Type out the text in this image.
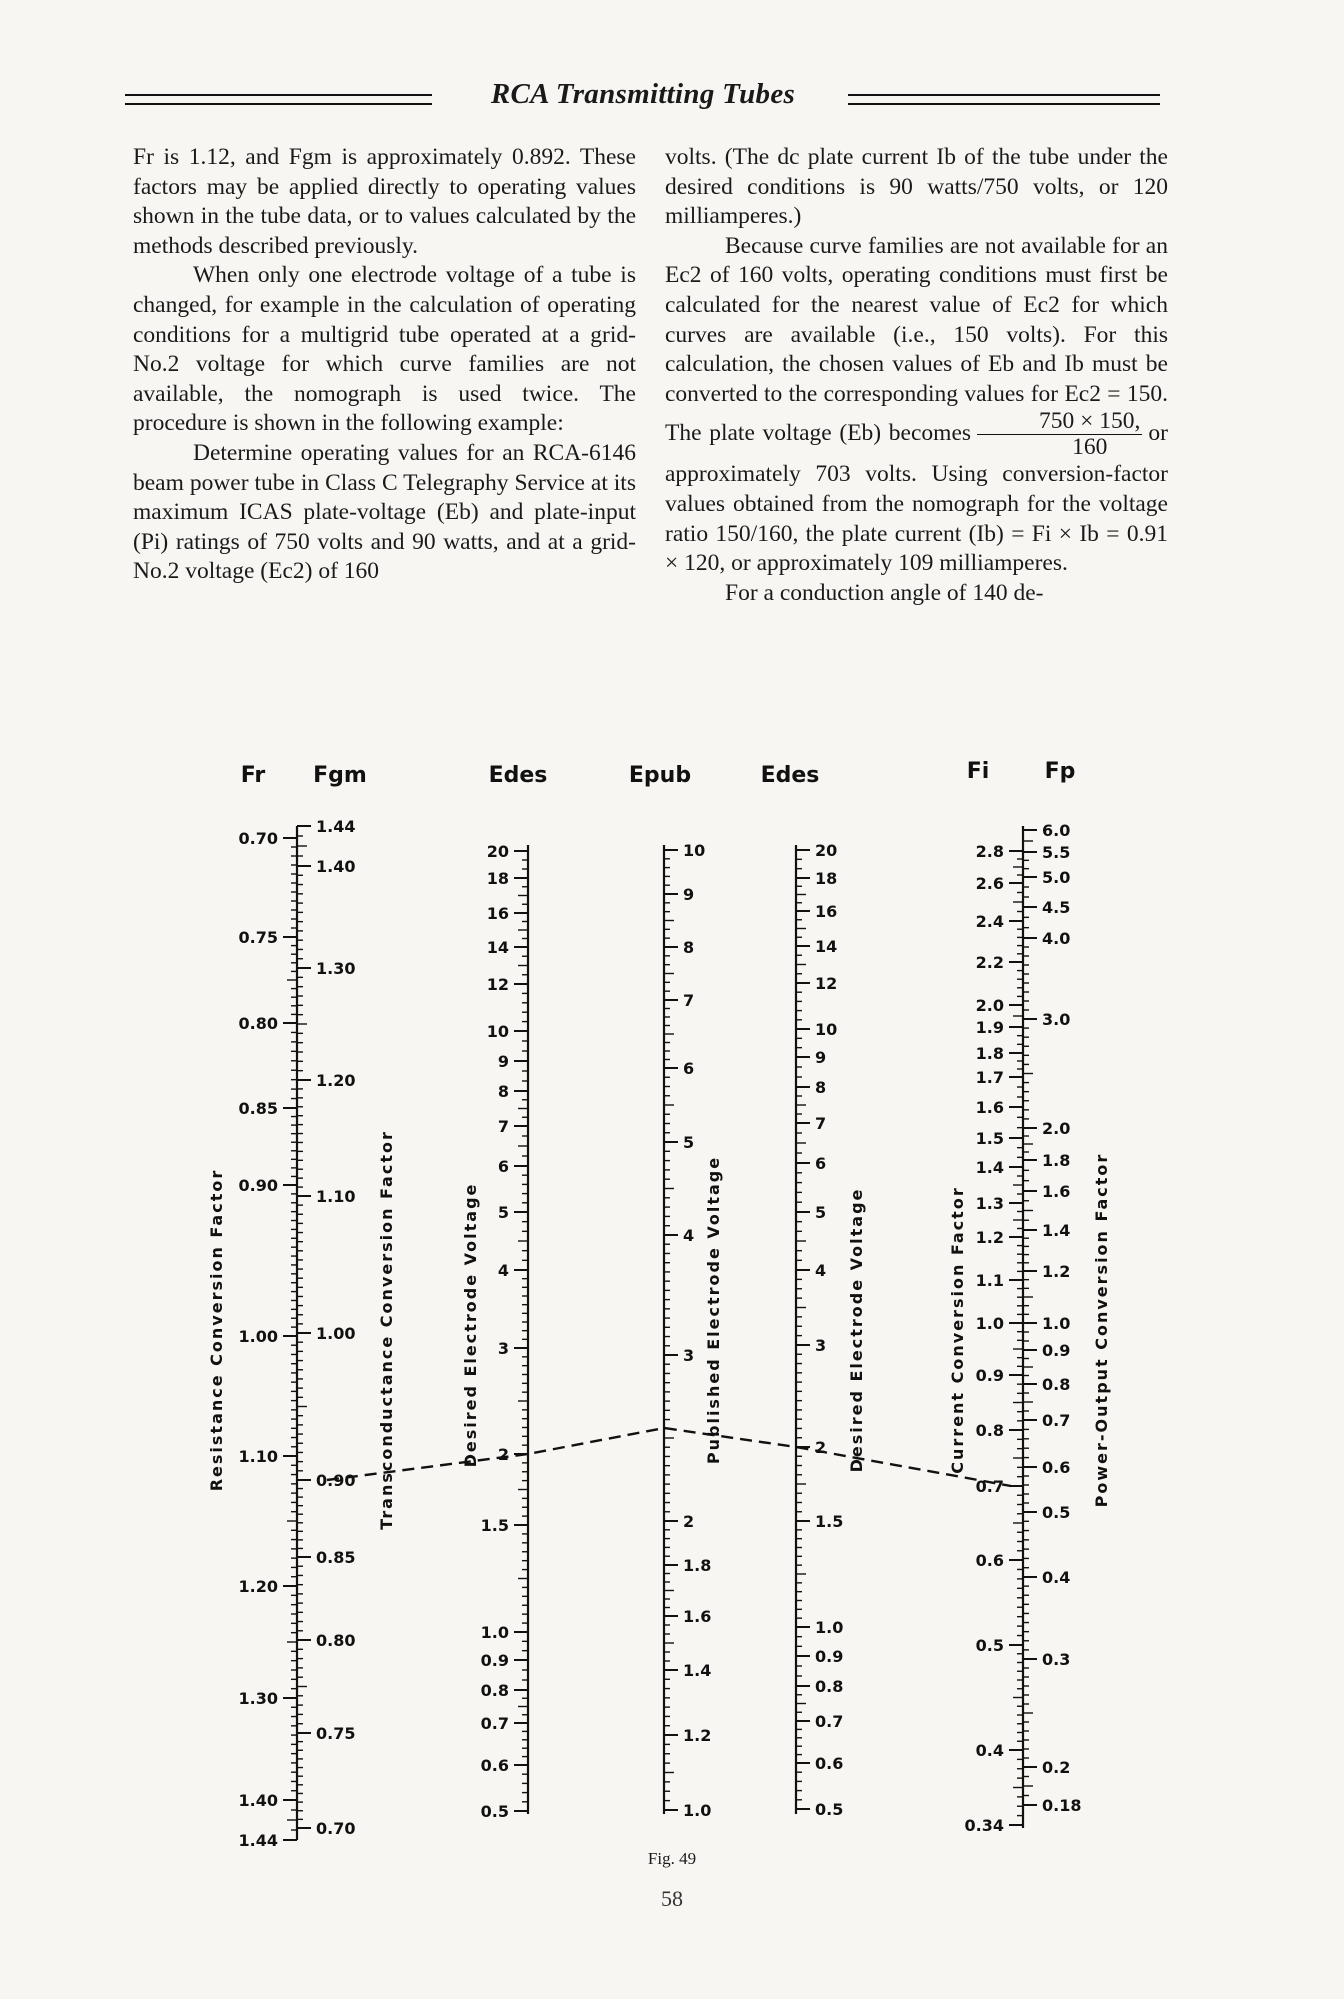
RCA Transmitting Tubes

Fr is 1.12, and Fgm is approximately 0.892. These factors may be applied directly to operating values shown in the tube data, or to values calculated by the methods described previously.

When only one electrode voltage of a tube is changed, for example in the calculation of operating conditions for a multigrid tube operated at a grid-No.2 voltage for which curve families are not available, the nomograph is used twice. The procedure is shown in the following example:

Determine operating values for an RCA-6146 beam power tube in Class C Telegraphy Service at its maximum ICAS plate-voltage (Eb) and plate-input (Pi) ratings of 750 volts and 90 watts, and at a grid-No.2 voltage (Ec2) of 160

volts. (The dc plate current Ib of the tube under the desired conditions is 90 watts/750 volts, or 120 milliamperes.)

Because curve families are not available for an Ec2 of 160 volts, operating conditions must first be calculated for the nearest value of Ec2 for which curves are available (i.e., 150 volts). For this calculation, the chosen values of Eb and Ib must be converted to the corresponding values for Ec2 = 150. The plate voltage (Eb) becomes $\frac{750 \times 150,}{160}$ or approximately 703 volts. Using conversion-factor values obtained from the nomograph for the voltage ratio 150/160, the plate current (Ib) = Fi × Ib = 0.91 × 120, or approximately 109 milliamperes.

For a conduction angle of 140 de-

0.70
0.75
0.80
0.85
0.90
1.00
1.10
1.20
1.30
1.40
1.44
1.44
1.40
1.30
1.20
1.10
1.00
0.90
0.85
0.80
0.75
0.70
20
18
16
14
12
10
9
8
7
6
5
4
3
2
1.5
1.0
0.9
0.8
0.7
0.6
0.5
10
9
8
7
6
5
4
3
2
1.8
1.6
1.4
1.2
1.0
20
18
16
14
12
10
9
8
7
6
5
4
3
2
1.5
1.0
0.9
0.8
0.7
0.6
0.5
2.8
2.6
2.4
2.2
2.0
1.9
1.8
1.7
1.6
1.5
1.4
1.3
1.2
1.1
1.0
0.9
0.8
0.7
0.6
0.5
0.4
0.34
6.0
5.5
5.0
4.5
4.0
3.0
2.0
1.8
1.6
1.4
1.2
1.0
0.9
0.8
0.7
0.6
0.5
0.4
0.3
0.2
0.18
Fr Fgm	Edes	Epub	Edes	Fi	Fp
Resistance Conversion Factor	Transconductance Conversion Factor	Desired Electrode Voltage	Published Electrode Voltage	Desired Electrode Voltage	Current Conversion Factor	Power-Output Conversion Factor
Fig. 49
58
